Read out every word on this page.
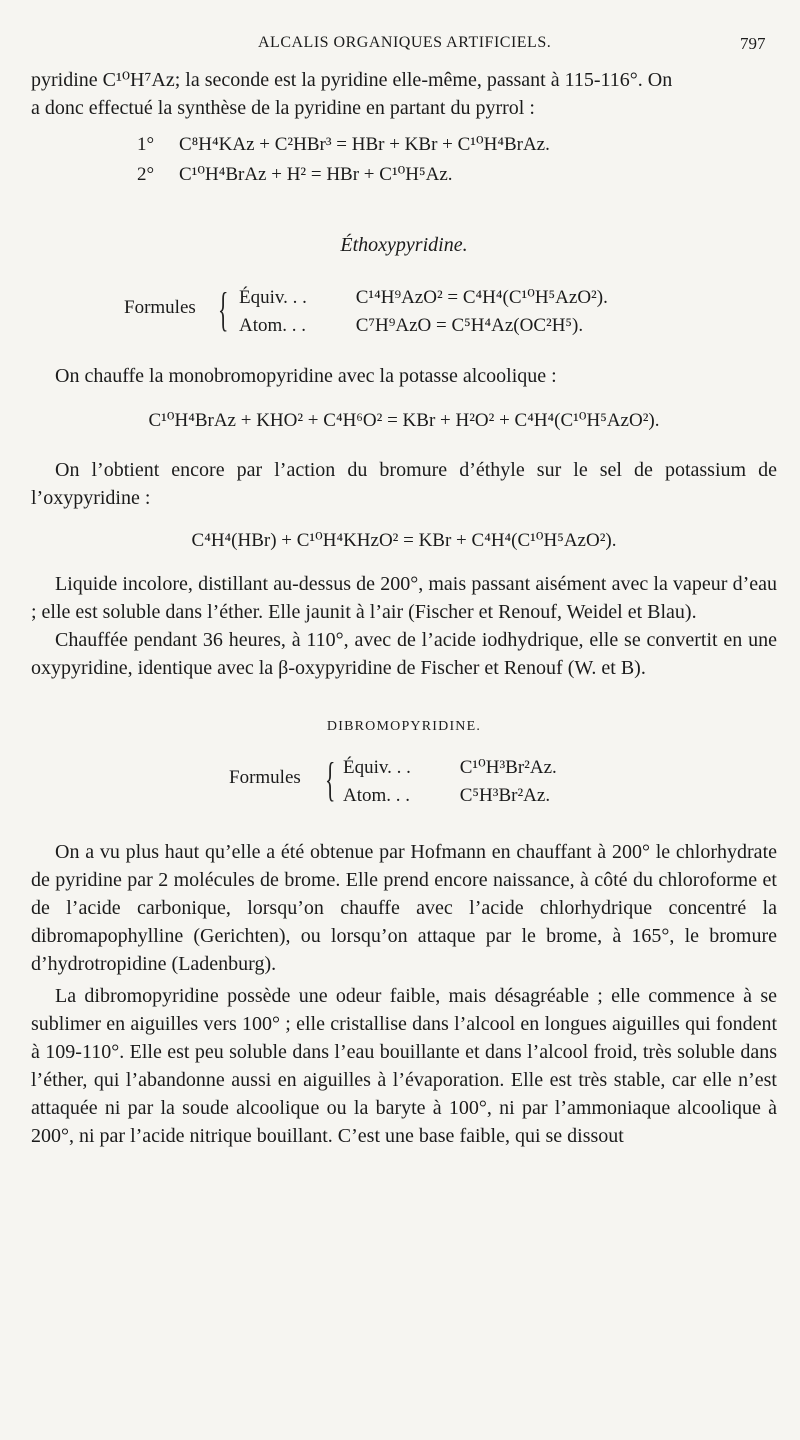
ALCALIS ORGANIQUES ARTIFICIELS.	797

pyridine C¹⁰H⁷Az; la seconde est la pyridine elle-même, passant à 115-116°. On

a donc effectué la synthèse de la pyridine en partant du pyrrol :

1° C⁸H⁴KAz + C²HBr³ = HBr + KBr + C¹⁰H⁴BrAz.
2° C¹⁰H⁴BrAz + H² = HBr + C¹⁰H⁵Az.
Éthoxypyridine.
Formules { Équiv. . .	C¹⁴H⁹AzO² = C⁴H⁴(C¹⁰H⁵AzO²).
Atom. . .	C⁷H⁹AzO = C⁵H⁴Az(OC²H⁵).

On chauffe la monobromopyridine avec la potasse alcoolique :

C¹⁰H⁴BrAz + KHO² + C⁴H⁶O² = KBr + H²O² + C⁴H⁴(C¹⁰H⁵AzO²).

On l’obtient encore par l’action du bromure d’éthyle sur le sel de potassium de l’oxypyridine :

C⁴H⁴(HBr) + C¹⁰H⁴KHzO² = KBr + C⁴H⁴(C¹⁰H⁵AzO²).

Liquide incolore, distillant au-dessus de 200°, mais passant aisément avec la vapeur d’eau ; elle est soluble dans l’éther. Elle jaunit à l’air (Fischer et Renouf, Weidel et Blau).

Chauffée pendant 36 heures, à 110°, avec de l’acide iodhydrique, elle se convertit en une oxypyridine, identique avec la β-oxypyridine de Fischer et Renouf (W. et B).

DIBROMOPYRIDINE.
Formules { Équiv. . .	C¹⁰H³Br²Az.
Atom. . .	C⁵H³Br²Az.

On a vu plus haut qu’elle a été obtenue par Hofmann en chauffant à 200° le chlorhydrate de pyridine par 2 molécules de brome. Elle prend encore naissance, à côté du chloroforme et de l’acide carbonique, lorsqu’on chauffe avec l’acide chlorhydrique concentré la dibromapophylline (Gerichten), ou lorsqu’on attaque par le brome, à 165°, le bromure d’hydrotropidine (Ladenburg).

La dibromopyridine possède une odeur faible, mais désagréable ; elle commence à se sublimer en aiguilles vers 100° ; elle cristallise dans l’alcool en longues aiguilles qui fondent à 109-110°. Elle est peu soluble dans l’eau bouillante et dans l’alcool froid, très soluble dans l’éther, qui l’abandonne aussi en aiguilles à l’évaporation. Elle est très stable, car elle n’est attaquée ni par la soude alcoolique ou la baryte à 100°, ni par l’ammoniaque alcoolique à 200°, ni par l’acide nitrique bouillant. C’est une base faible, qui se dissout
